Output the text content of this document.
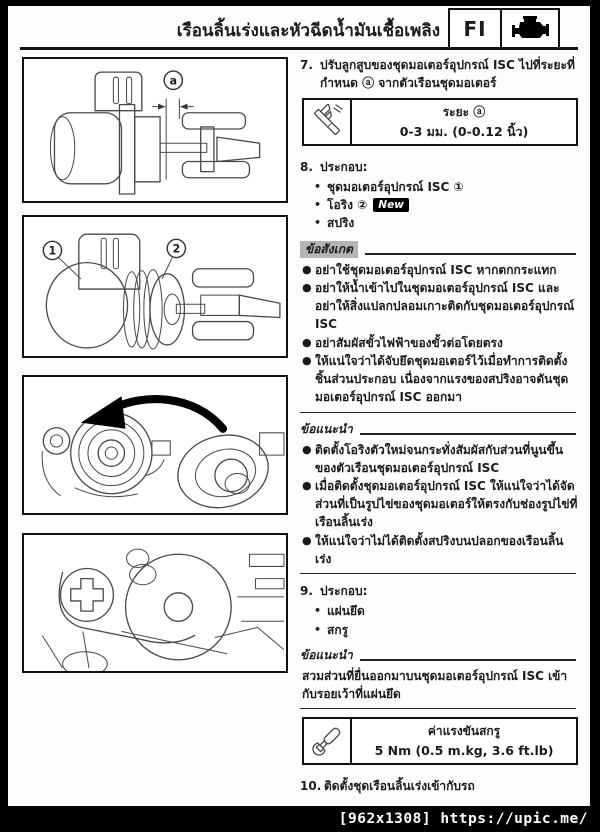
เรือนลิ้นเร่งและหัวฉีดน้ำมันเชื้อเพลิง	FI
a
1	2
7. ปรับลูกสูบของชุดมอเตอร์อุปกรณ์ ISC ไปที่ระยะที่กำหนด ⓐ จากตัวเรือนชุดมอเตอร์
ระยะ ⓐ
0-3 มม. (0-0.12 นิ้ว)
8. ประกอบ:
• ชุดมอเตอร์อุปกรณ์ ISC ①
• โอริง ② New
• สปริง
ข้อสังเกต
● อย่าใช้ชุดมอเตอร์อุปกรณ์ ISC หากตกกระแทก
● อย่าให้น้ำเข้าไปในชุดมอเตอร์อุปกรณ์ ISC และอย่าให้สิ่งแปลกปลอมเกาะติดกับชุดมอเตอร์อุปกรณ์ ISC
● อย่าสัมผัสขั้วไฟฟ้าของขั้วต่อโดยตรง
● ให้แน่ใจว่าได้จับยึดชุดมอเตอร์ไว้เมื่อทำการติดตั้งชิ้นส่วนประกอบ เนื่องจากแรงของสปริงอาจดันชุดมอเตอร์อุปกรณ์ ISC ออกมา
ข้อแนะนำ
● ติดตั้งโอริงตัวใหม่จนกระทั่งสัมผัสกับส่วนที่นูนขึ้นของตัวเรือนชุดมอเตอร์อุปกรณ์ ISC
● เมื่อติดตั้งชุดมอเตอร์อุปกรณ์ ISC ให้แน่ใจว่าได้จัดส่วนที่เป็นรูปไข่ของชุดมอเตอร์ให้ตรงกับช่องรูปไข่ที่เรือนลิ้นเร่ง
● ให้แน่ใจว่าไม่ได้ติดตั้งสปริงบนปลอกของเรือนลิ้นเร่ง
9. ประกอบ:
• แผ่นยึด
• สกรู
ข้อแนะนำ
สวมส่วนที่ยื่นออกมาบนชุดมอเตอร์อุปกรณ์ ISC เข้ากับรอยเว้าที่แผ่นยึด
ค่าแรงขันสกรู
5 Nm (0.5 m.kg, 3.6 ft.lb)
10. ติดตั้งชุดเรือนลิ้นเร่งเข้ากับรถ
[962x1308] https://upic.me/
